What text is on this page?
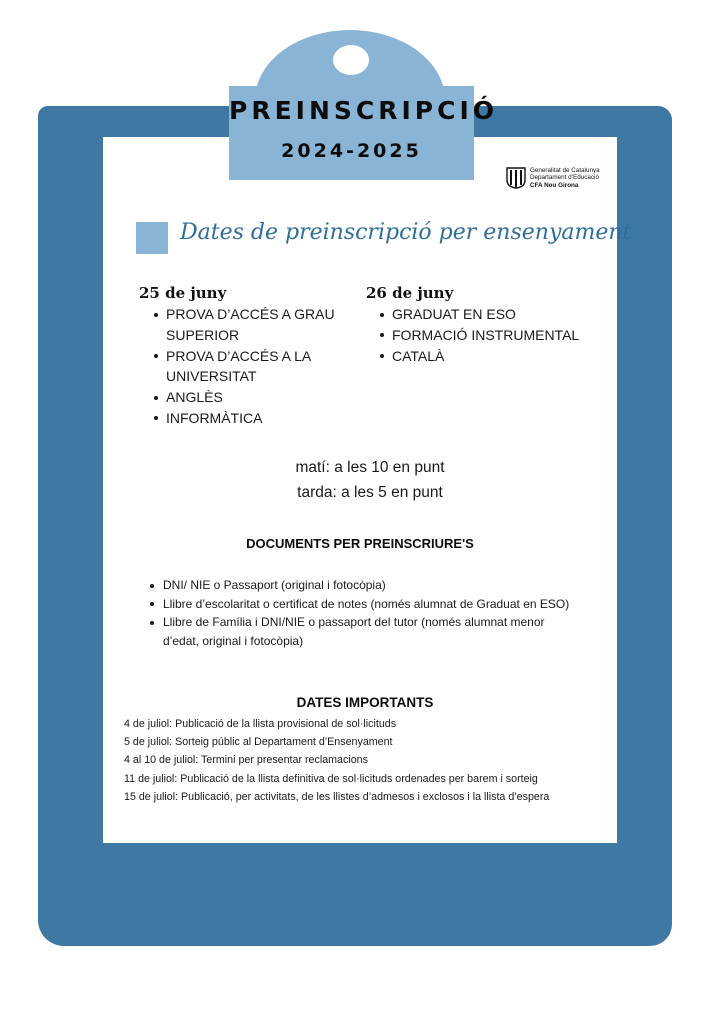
PREINSCRIPCIÓ
2024-2025
Generalitat de Catalunya
Departament d’Educació
CFA Nou Girona
Dates de preinscripció per ensenyament
25 de juny
PROVA D’ACCÉS A GRAU SUPERIOR
PROVA D’ACCÉS A LA UNIVERSITAT
ANGLÈS
INFORMÀTICA
26 de juny
GRADUAT EN ESO
FORMACIÓ INSTRUMENTAL
CATALÀ
matí: a les 10 en punt
tarda: a les 5 en punt
DOCUMENTS PER PREINSCRIURE'S
DNI/ NIE o Passaport (original i fotocòpia)
Llibre d’escolaritat o certificat de notes (només alumnat de Graduat en ESO)
Llibre de Família i DNI/NIE o passaport del tutor (només alumnat menor d’edat, original i fotocòpia)
DATES IMPORTANTS
4 de juliol: Publicació de la llista provisional de sol·licituds
5 de juliol: Sorteig públic al Departament d’Ensenyament
4 al 10 de juliol: Termini per presentar reclamacions
11 de juliol: Publicació de la llista definitiva de sol·licituds ordenades per barem i sorteig
15 de juliol: Publicació, per activitats, de les llistes d’admesos i exclosos i la llista d’espera
